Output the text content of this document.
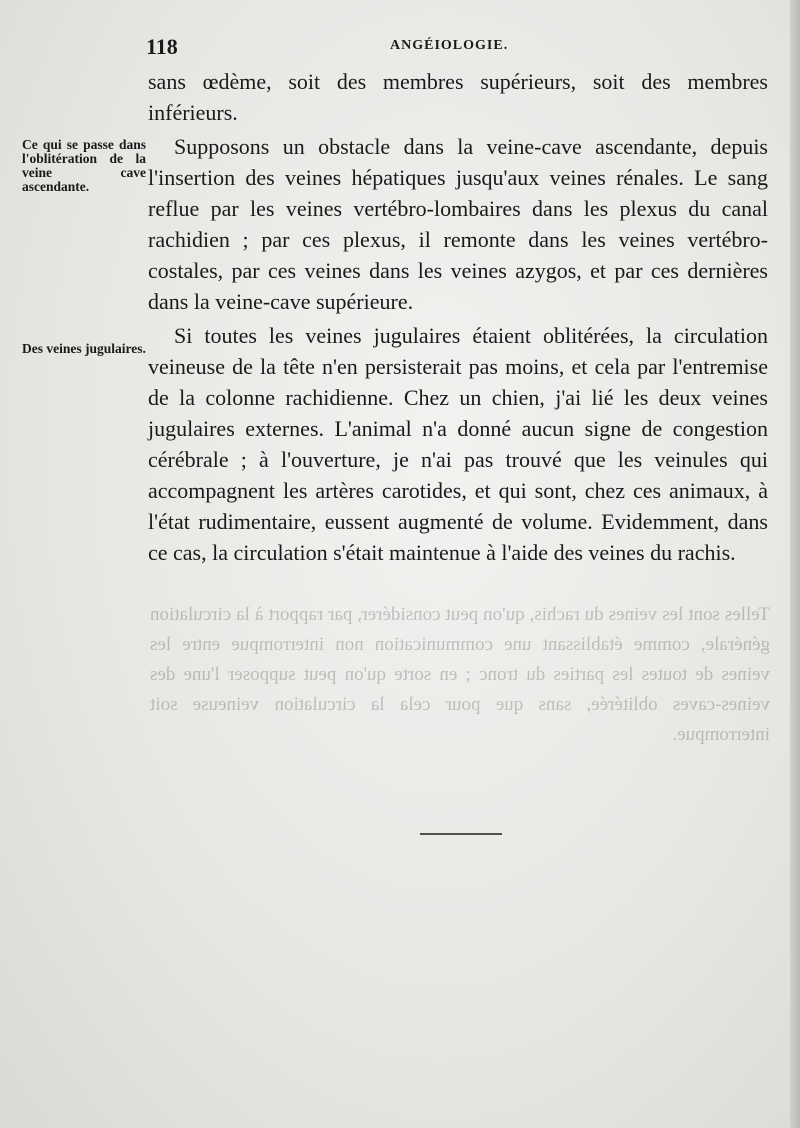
Telles sont les veines du rachis, qu'on peut considérer, par rapport à la circulation générale, comme établissant une communication non interrompue entre les veines de toutes les parties du tronc ; en sorte qu'on peut supposer l'une des veines-caves oblitérée, sans que pour cela la circulation veineuse soit interrompue.
118	ANGÉIOLOGIE.
Ce qui se passe dans l'oblitération de la veine cave ascendante.
Des veines jugulaires.

sans œdème, soit des membres supérieurs, soit des membres inférieurs.

Supposons un obstacle dans la veine-cave ascendante, depuis l'insertion des veines hépatiques jusqu'aux veines rénales. Le sang reflue par les veines vertébro-lombaires dans les plexus du canal rachidien ; par ces plexus, il remonte dans les veines vertébro-costales, par ces veines dans les veines azygos, et par ces dernières dans la veine-cave supérieure.

Si toutes les veines jugulaires étaient oblitérées, la circulation veineuse de la tête n'en persisterait pas moins, et cela par l'entremise de la colonne rachidienne. Chez un chien, j'ai lié les deux veines jugulaires externes. L'animal n'a donné aucun signe de congestion cérébrale ; à l'ouverture, je n'ai pas trouvé que les veinules qui accompagnent les artères carotides, et qui sont, chez ces animaux, à l'état rudimentaire, eussent augmenté de volume. Evidemment, dans ce cas, la circulation s'était maintenue à l'aide des veines du rachis.
